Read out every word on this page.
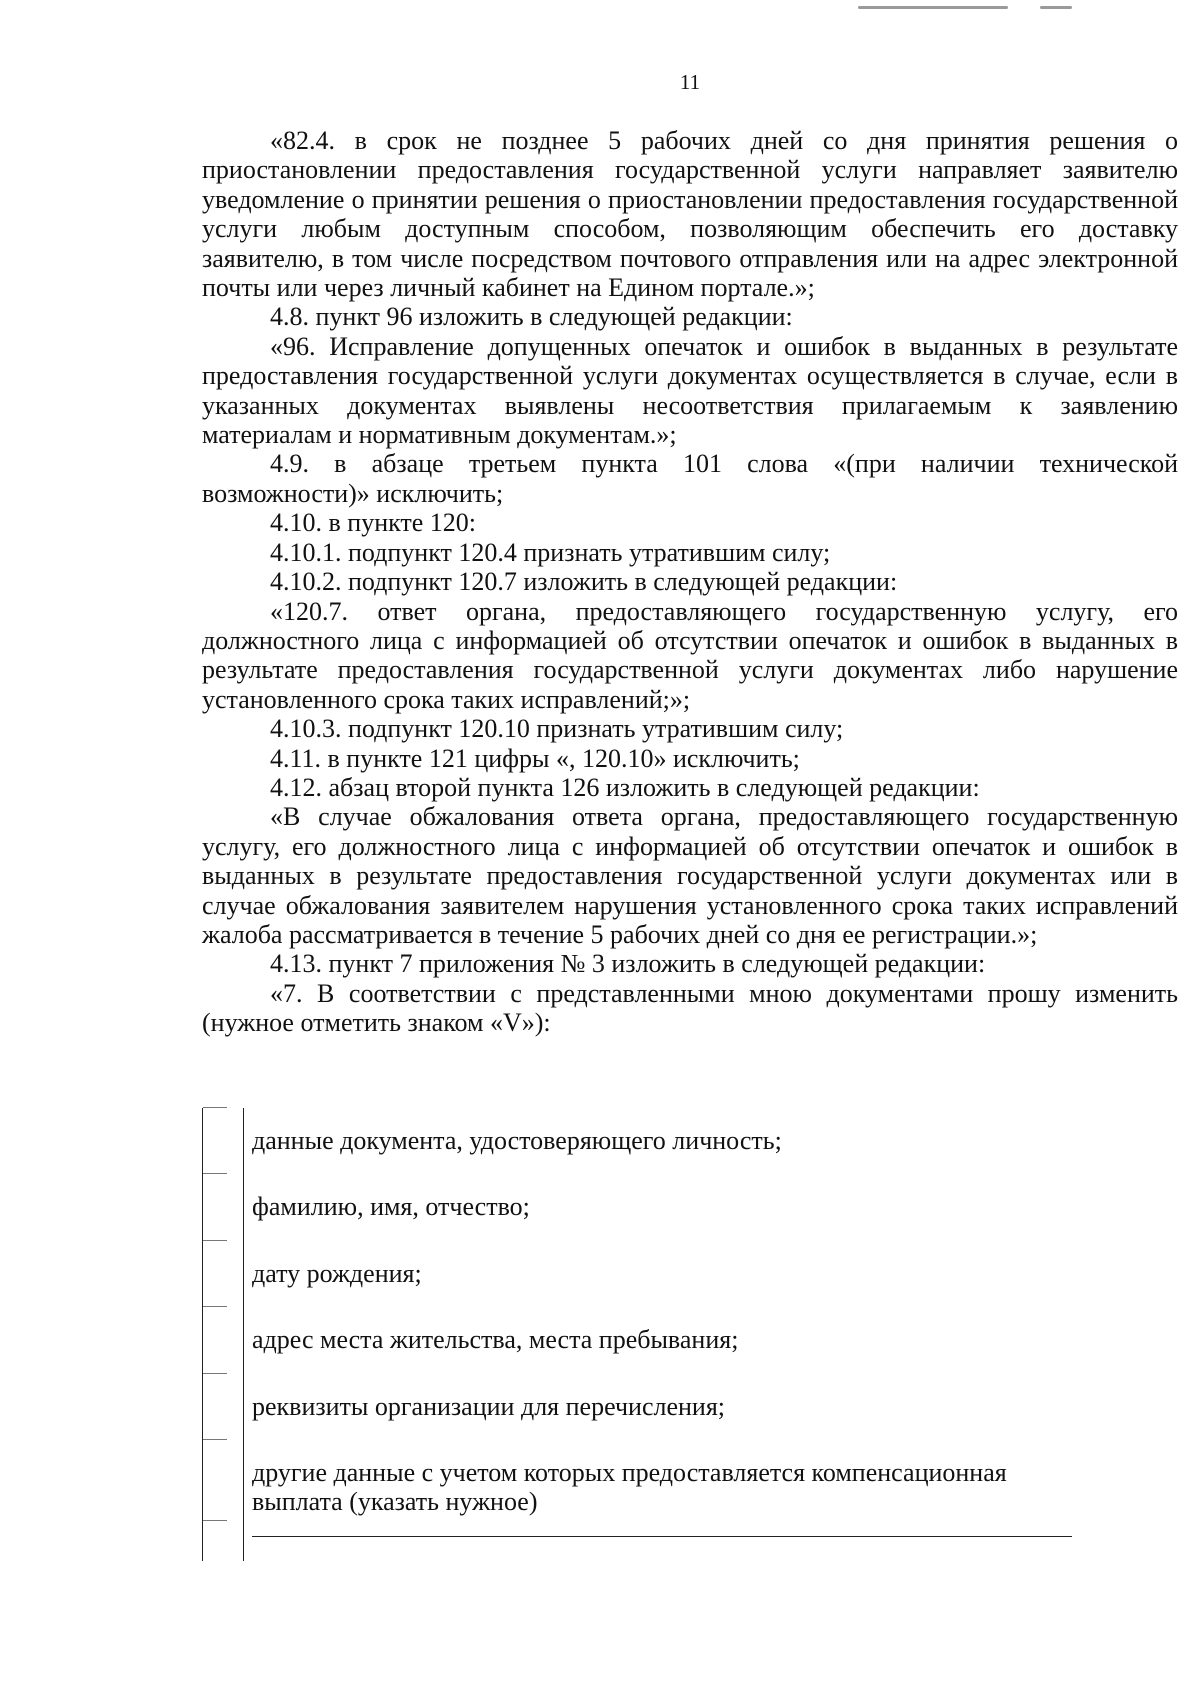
11

«82.4. в срок не позднее 5 рабочих дней со дня принятия решения о приостановлении предоставления государственной услуги направляет заявителю уведомление о принятии решения о приостановлении предоставления государственной услуги любым доступным способом, позволяющим обеспечить его доставку заявителю, в том числе посредством почтового отправления или на адрес электронной почты или через личный кабинет на Едином портале.»;

4.8. пункт 96 изложить в следующей редакции:

«96. Исправление допущенных опечаток и ошибок в выданных в результате предоставления государственной услуги документах осуществляется в случае, если в указанных документах выявлены несоответствия прилагаемым к заявлению материалам и нормативным документам.»;

4.9. в абзаце третьем пункта 101 слова «(при наличии технической возможности)» исключить;

4.10. в пункте 120:

4.10.1. подпункт 120.4 признать утратившим силу;

4.10.2. подпункт 120.7 изложить в следующей редакции:

«120.7. ответ органа, предоставляющего государственную услугу, его должностного лица с информацией об отсутствии опечаток и ошибок в выданных в результате предоставления государственной услуги документах либо нарушение установленного срока таких исправлений;»;

4.10.3. подпункт 120.10 признать утратившим силу;

4.11. в пункте 121 цифры «, 120.10» исключить;

4.12. абзац второй пункта 126 изложить в следующей редакции:

«В случае обжалования ответа органа, предоставляющего государственную услугу, его должностного лица с информацией об отсутствии опечаток и ошибок в выданных в результате предоставления государственной услуги документах или в случае обжалования заявителем нарушения установленного срока таких исправлений жалоба рассматривается в течение 5 рабочих дней со дня ее регистрации.»;

4.13. пункт 7 приложения № 3 изложить в следующей редакции:

«7. В соответствии с представленными мною документами прошу изменить (нужное отметить знаком «V»):

данные документа, удостоверяющего личность;
фамилию, имя, отчество;
дату рождения;
адрес места жительства, места пребывания;
реквизиты организации для перечисления;
другие данные с учетом которых предоставляется компенсационная выплата (указать нужное)
